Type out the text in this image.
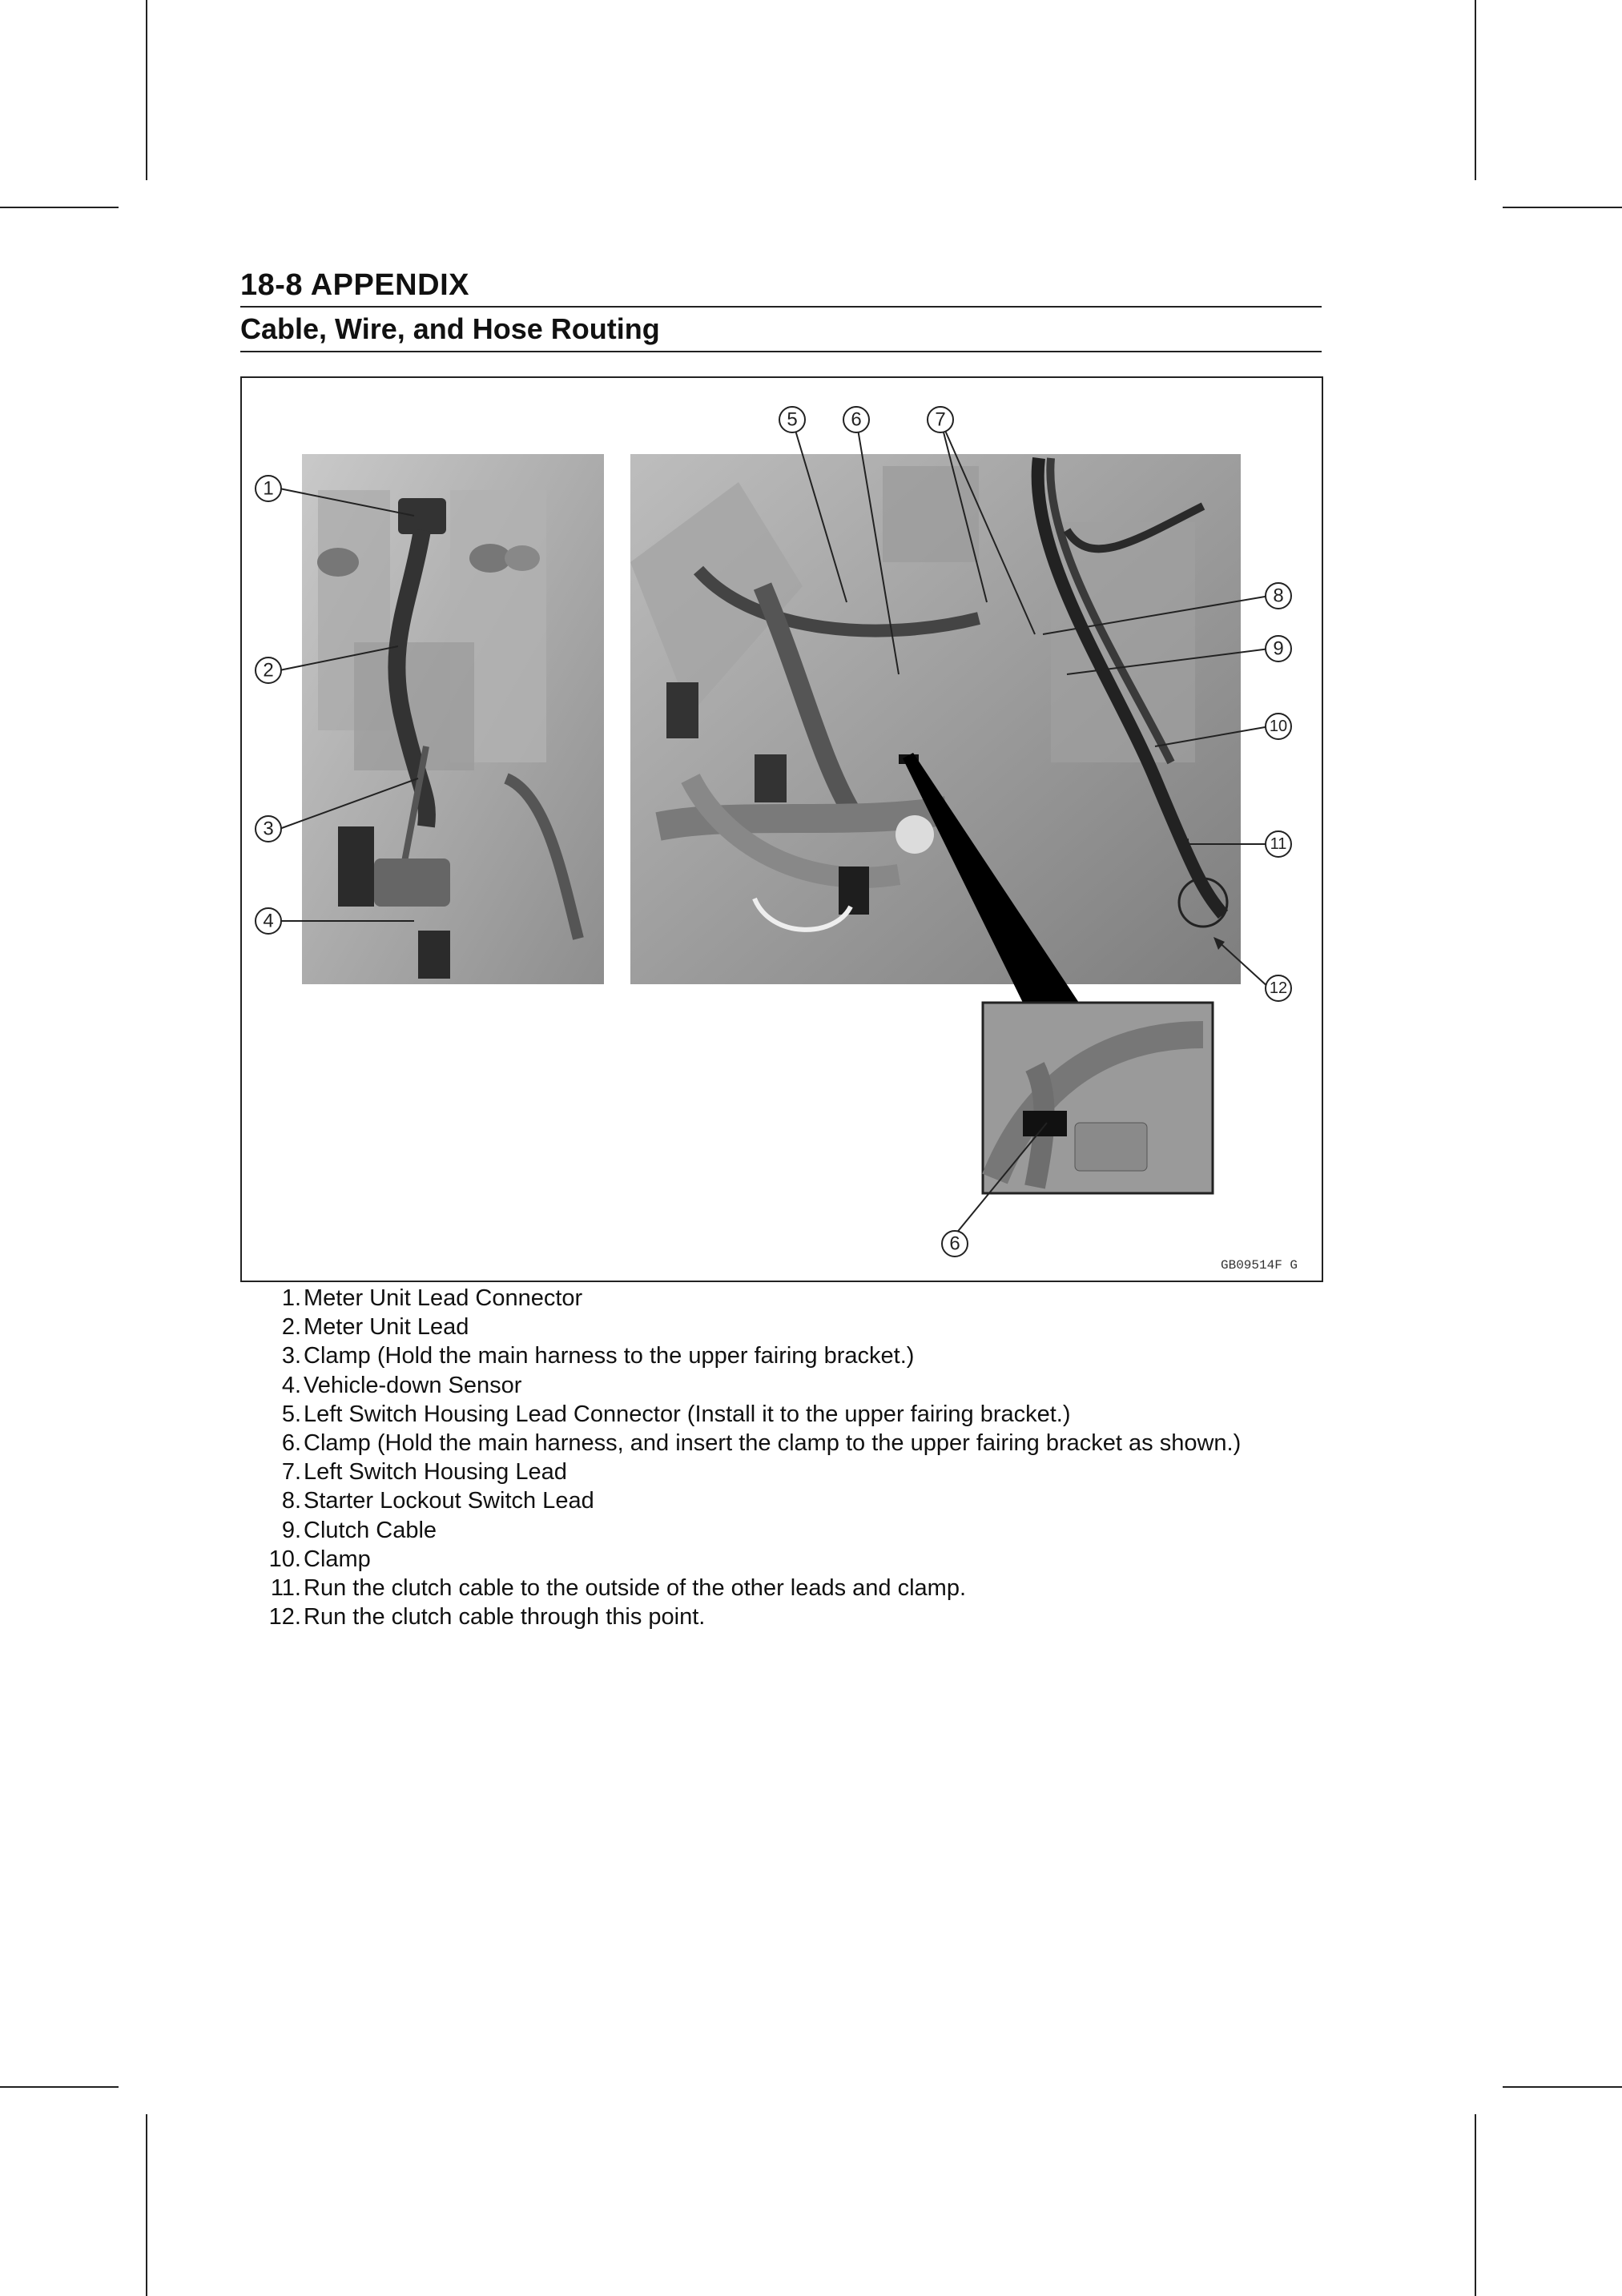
18-8 APPENDIX
Cable, Wire, and Hose Routing
1
2
3
4
5	6	7
8
9
10
11
12
6
GB09514F G
1. Meter Unit Lead Connector
2. Meter Unit Lead
3. Clamp (Hold the main harness to the upper fairing bracket.)
4. Vehicle-down Sensor
5. Left Switch Housing Lead Connector (Install it to the upper fairing bracket.)
6. Clamp (Hold the main harness, and insert the clamp to the upper fairing bracket as shown.)
7. Left Switch Housing Lead
8. Starter Lockout Switch Lead
9. Clutch Cable
10. Clamp
11. Run the clutch cable to the outside of the other leads and clamp.
12. Run the clutch cable through this point.
